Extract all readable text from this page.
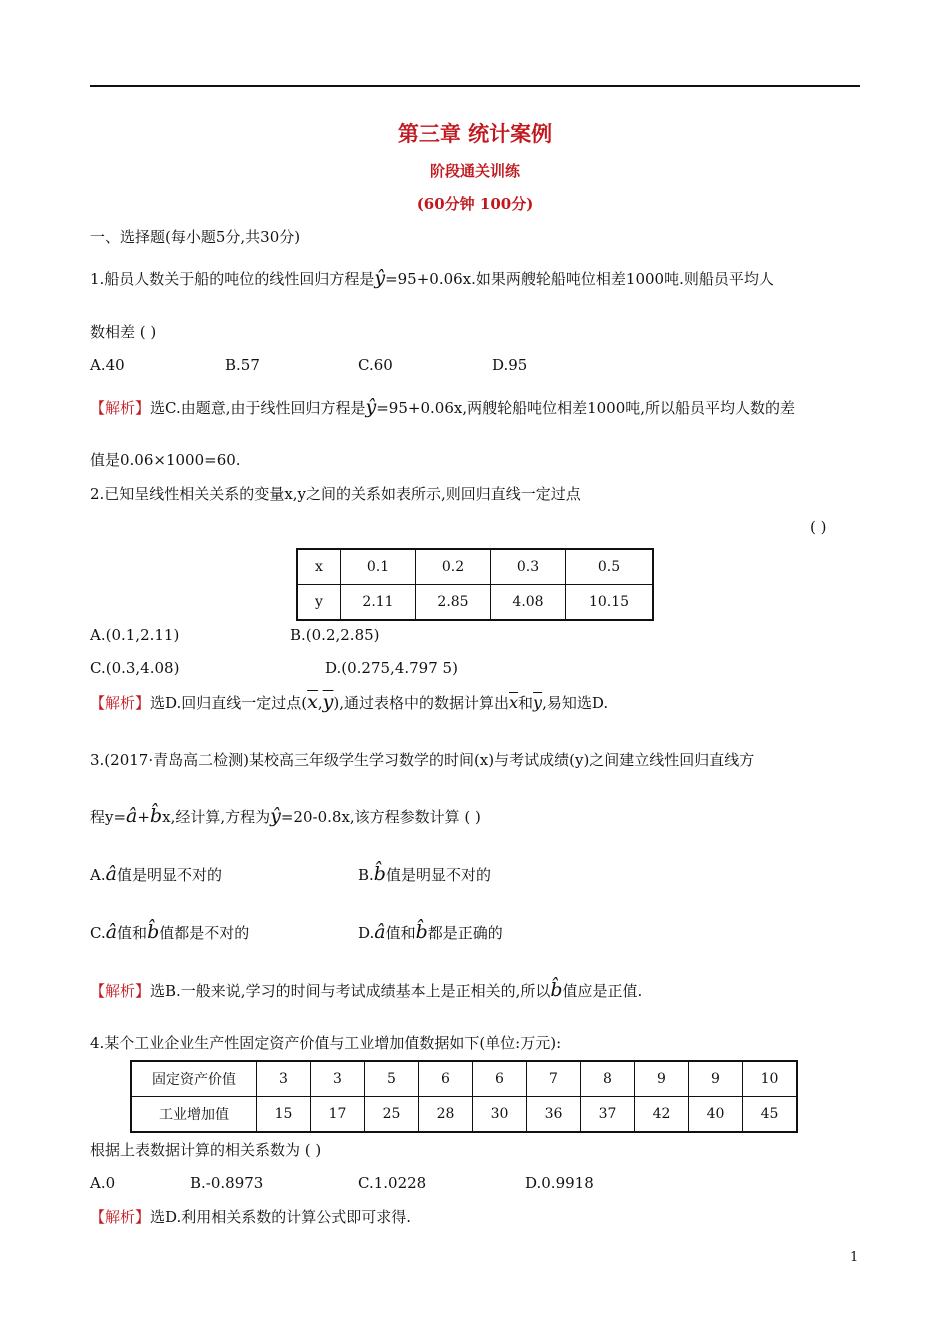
第三章 统计案例
阶段通关训练
(60分钟 100分)
一、选择题(每小题5分,共30分)
1.船员人数关于船的吨位的线性回归方程是ŷ=95+0.06x.如果两艘轮船吨位相差1000吨.则船员平均人
数相差 ( )
A.40	B.57	C.60	D.95
【解析】选C.由题意,由于线性回归方程是ŷ=95+0.06x,两艘轮船吨位相差1000吨,所以船员平均人数的差
值是0.06×1000=60.
2.已知呈线性相关关系的变量x,y之间的关系如表所示,则回归直线一定过点
( )
x	0.1	0.2	0.3	0.5
y	2.11	2.85	4.08	10.15
A.(0.1,2.11)	B.(0.2,2.85)
C.(0.3,4.08)	D.(0.275,4.797 5)
【解析】选D.回归直线一定过点$(\overline{x},\overline{y})$,通过表格中的数据计算出$\overline{x}$和$\overline{y}$,易知选D.
3.(2017·青岛高二检测)某校高三年级学生学习数学的时间(x)与考试成绩(y)之间建立线性回归直线方
程y=â+b̂x,经计算,方程为ŷ=20-0.8x,该方程参数计算 ( )
A.â值是明显不对的	B.b̂值是明显不对的
C.â值和b̂值都是不对的	D.â值和b̂都是正确的
【解析】选B.一般来说,学习的时间与考试成绩基本上是正相关的,所以b̂值应是正值.
4.某个工业企业生产性固定资产价值与工业增加值数据如下(单位:万元):
固定资产价值	3	3	5	6	6	7	8	9	9	10
工业增加值	15	17	25	28	30	36	37	42	40	45
根据上表数据计算的相关系数为 ( )
A.0	B.-0.8973	C.1.0228	D.0.9918
【解析】选D.利用相关系数的计算公式即可求得.
1
